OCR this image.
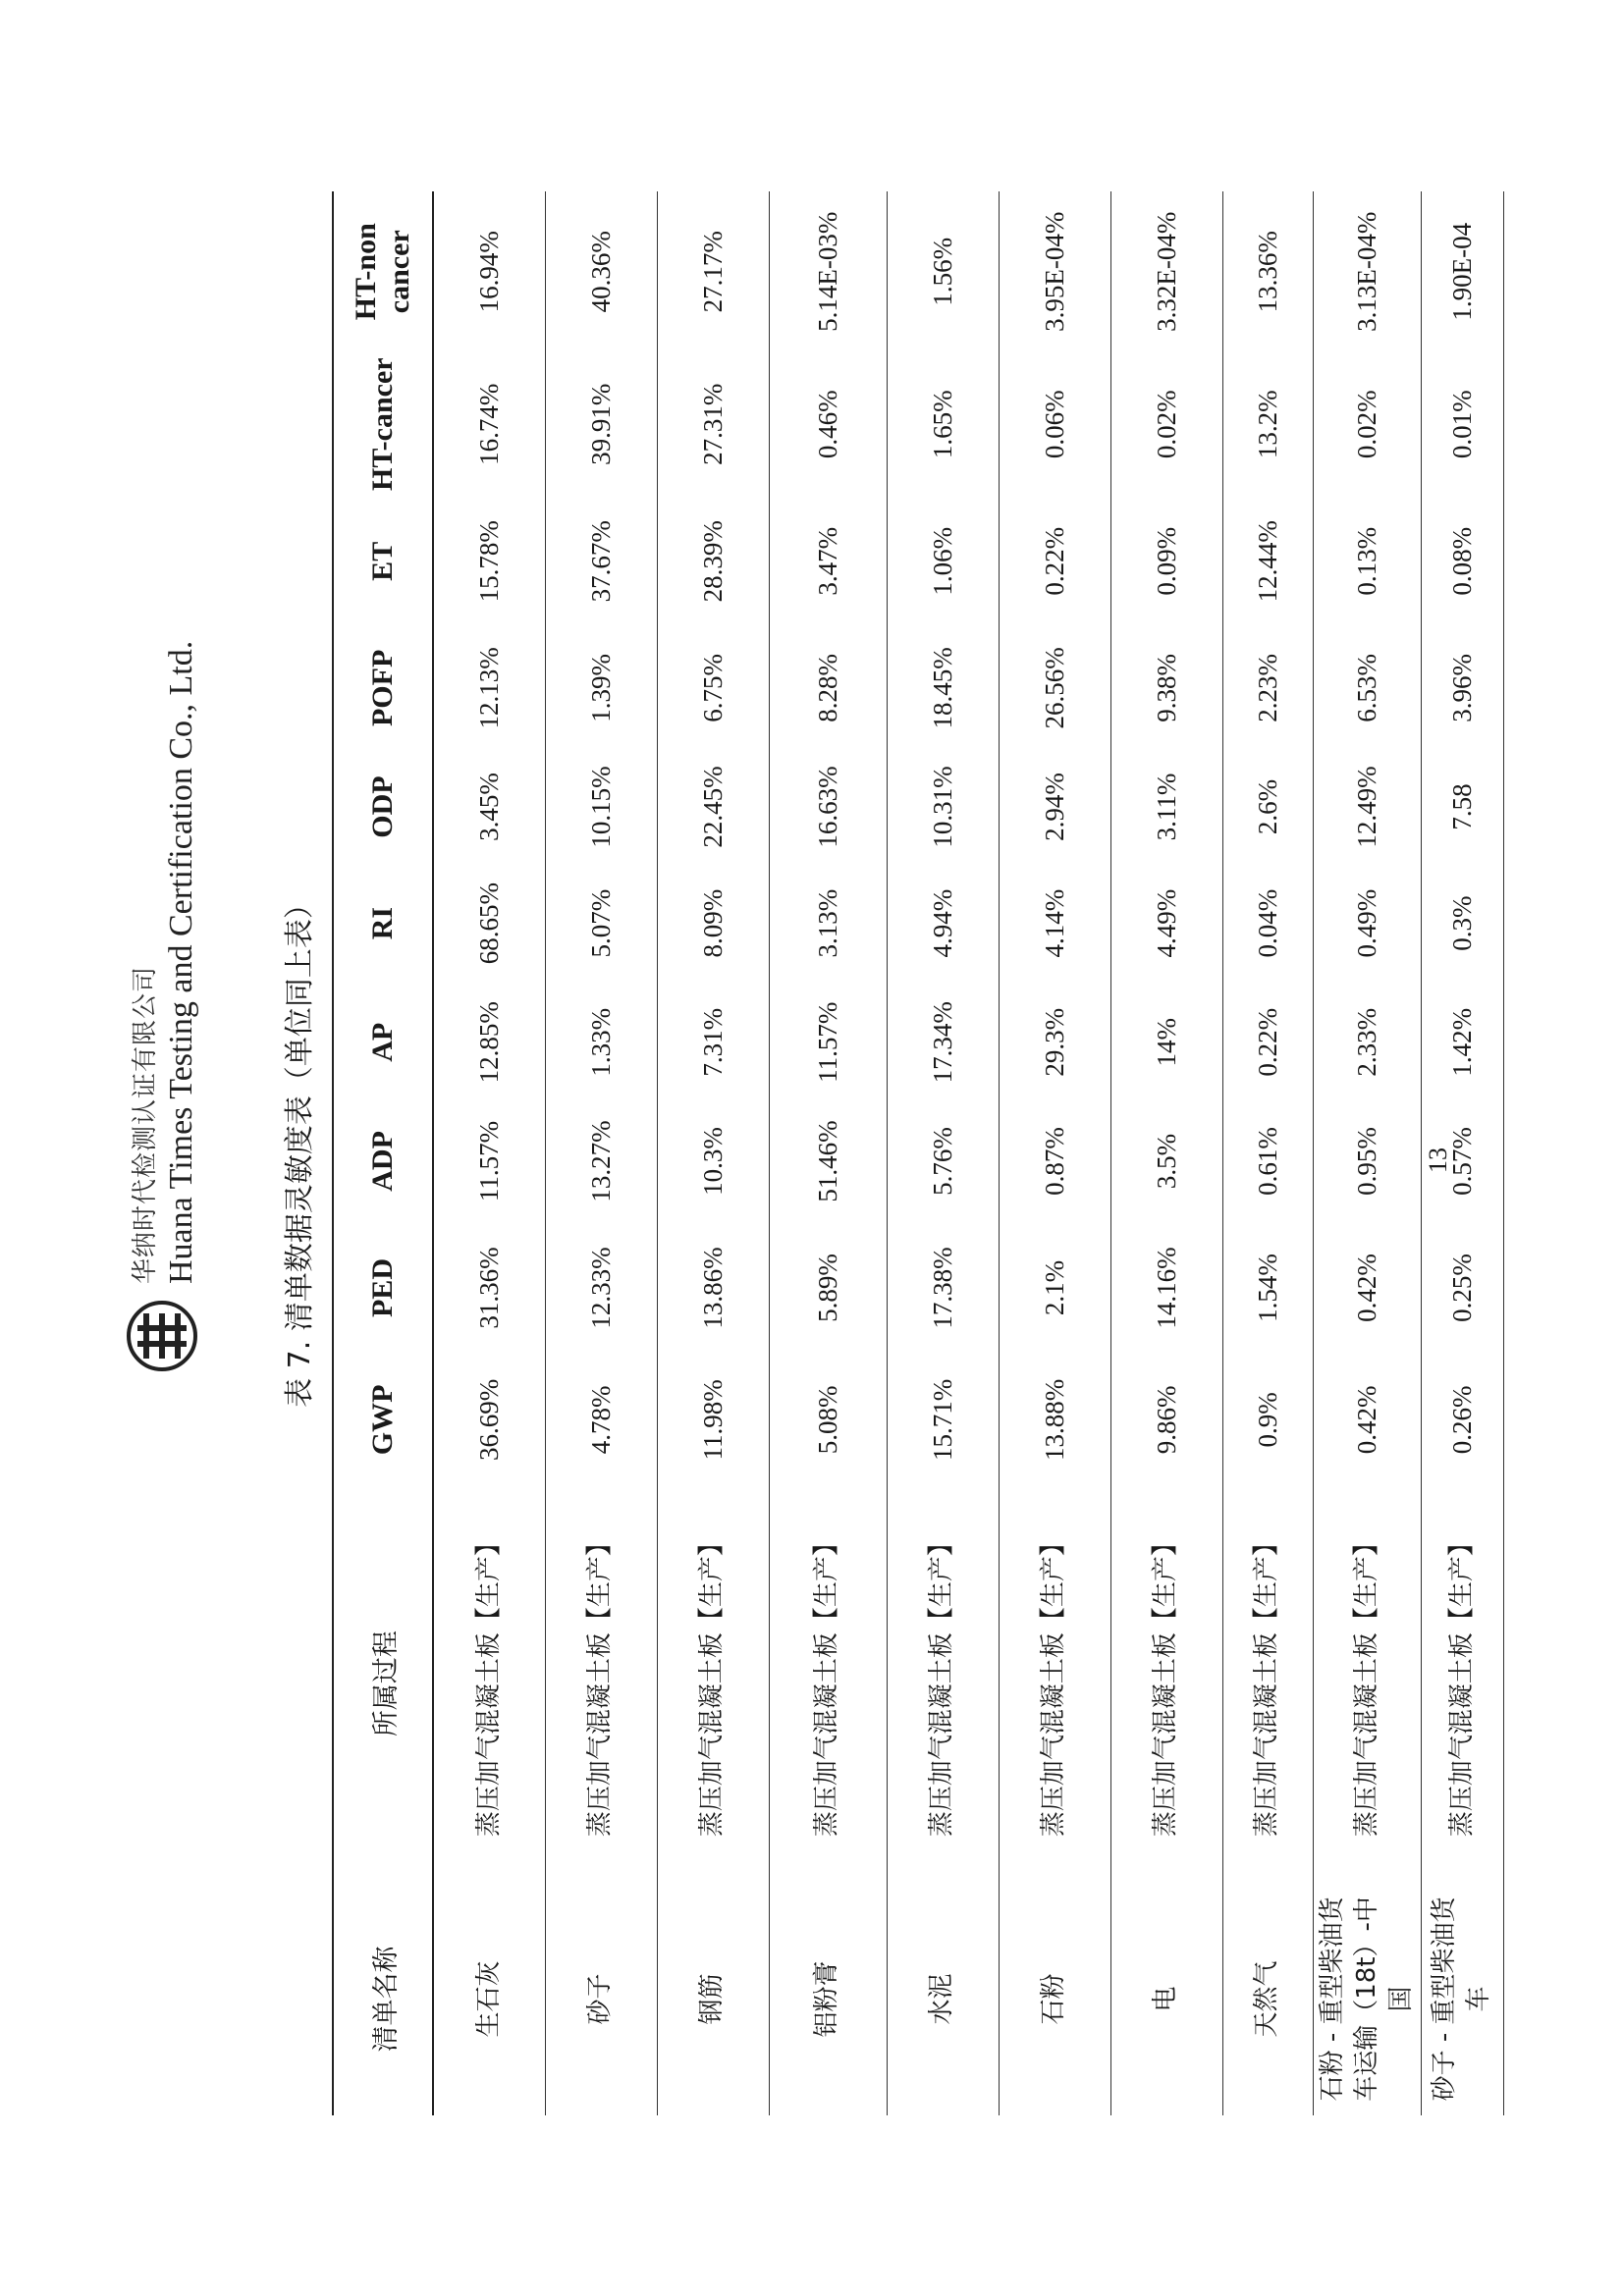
华纳时代检测认证有限公司 Huana Times Testing and Certification Co., Ltd.	表 7. 清单数据灵敏度表（单位同上表）
清单名称	所属过程	GWP	PED	ADP	AP	RI	ODP	POFP	ET	HT-cancer	HT-non cancer
生石灰	蒸压加气混凝土板【生产】	36.69%	31.36%	11.57%	12.85%	68.65%	3.45%	12.13%	15.78%	16.74%	16.94%
砂子	蒸压加气混凝土板【生产】	4.78%	12.33%	13.27%	1.33%	5.07%	10.15%	1.39%	37.67%	39.91%	40.36%
钢筋	蒸压加气混凝土板【生产】	11.98%	13.86%	10.3%	7.31%	8.09%	22.45%	6.75%	28.39%	27.31%	27.17%
铝粉膏	蒸压加气混凝土板【生产】	5.08%	5.89%	51.46%	11.57%	3.13%	16.63%	8.28%	3.47%	0.46%	5.14E-03%
水泥	蒸压加气混凝土板【生产】	15.71%	17.38%	5.76%	17.34%	4.94%	10.31%	18.45%	1.06%	1.65%	1.56%
石粉	蒸压加气混凝土板【生产】	13.88%	2.1%	0.87%	29.3%	4.14%	2.94%	26.56%	0.22%	0.06%	3.95E-04%
电	蒸压加气混凝土板【生产】	9.86%	14.16%	3.5%	14%	4.49%	3.11%	9.38%	0.09%	0.02%	3.32E-04%
天然气	蒸压加气混凝土板【生产】	0.9%	1.54%	0.61%	0.22%	0.04%	2.6%	2.23%	12.44%	13.2%	13.36%
石粉 - 重型柴油货车运输（18t）-中国	蒸压加气混凝土板【生产】	0.42%	0.42%	0.95%	2.33%	0.49%	12.49%	6.53%	0.13%	0.02%	3.13E-04%
砂子 - 重型柴油货车	蒸压加气混凝土板【生产】	0.26%	0.25%	0.57%	1.42%	0.3%	7.58	3.96%	0.08%	0.01%	1.90E-04
13
